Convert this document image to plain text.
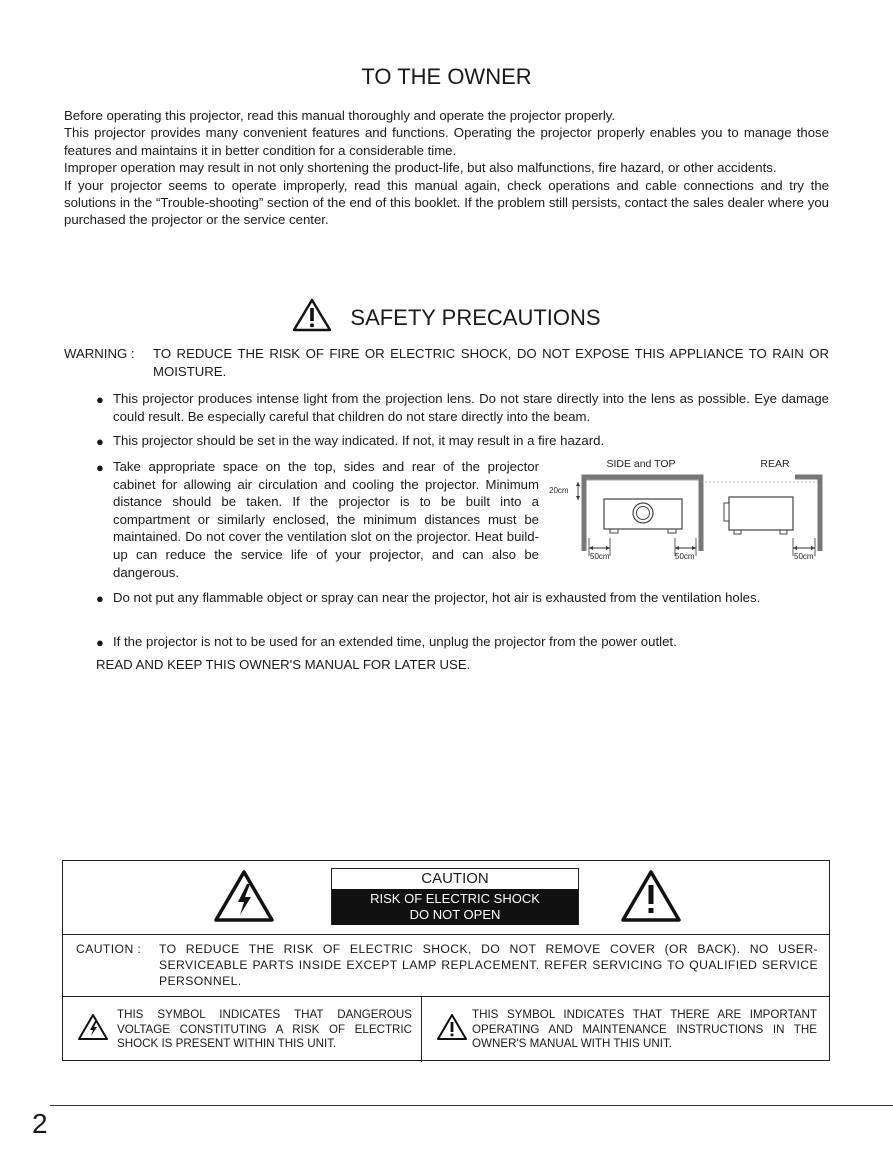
TO THE OWNER

Before operating this projector, read this manual thoroughly and operate the projector properly.

This projector provides many convenient features and functions. Operating the projector properly enables you to manage those features and maintains it in better condition for a considerable time.

Improper operation may result in not only shortening the product-life, but also malfunctions, fire hazard, or other accidents.

If your projector seems to operate improperly, read this manual again, check operations and cable connections and try the solutions in the “Trouble-shooting” section of the end of this booklet. If the problem still persists, contact the sales dealer where you purchased the projector or the service center.

SAFETY PRECAUTIONS
WARNING : TO REDUCE THE RISK OF FIRE OR ELECTRIC SHOCK, DO NOT EXPOSE THIS APPLIANCE TO RAIN OR MOISTURE.
● This projector produces intense light from the projection lens. Do not stare directly into the lens as possible. Eye damage could result. Be especially careful that children do not stare directly into the beam.
● This projector should be set in the way indicated. If not, it may result in a fire hazard.
● Take appropriate space on the top, sides and rear of the projector cabinet for allowing air circulation and cooling the projector. Minimum distance should be taken. If the projector is to be built into a compartment or similarly enclosed, the minimum distances must be maintained. Do not cover the ventilation slot on the projector. Heat build-up can reduce the service life of your projector, and can also be dangerous.
SIDE and TOP	REAR
20cm
50cm	50cm	50cm
● Do not put any flammable object or spray can near the projector, hot air is exhausted from the ventilation holes.
● If the projector is not to be used for an extended time, unplug the projector from the power outlet.
READ AND KEEP THIS OWNER'S MANUAL FOR LATER USE.
CAUTION
RISK OF ELECTRIC SHOCK
DO NOT OPEN
CAUTION : TO REDUCE THE RISK OF ELECTRIC SHOCK, DO NOT REMOVE COVER (OR BACK). NO USER-SERVICEABLE PARTS INSIDE EXCEPT LAMP REPLACEMENT. REFER SERVICING TO QUALIFIED SERVICE PERSONNEL.
THIS SYMBOL INDICATES THAT DANGEROUS VOLTAGE CONSTITUTING A RISK OF ELECTRIC SHOCK IS PRESENT WITHIN THIS UNIT.
THIS SYMBOL INDICATES THAT THERE ARE IMPORTANT OPERATING AND MAINTENANCE INSTRUCTIONS IN THE OWNER'S MANUAL WITH THIS UNIT.
2
